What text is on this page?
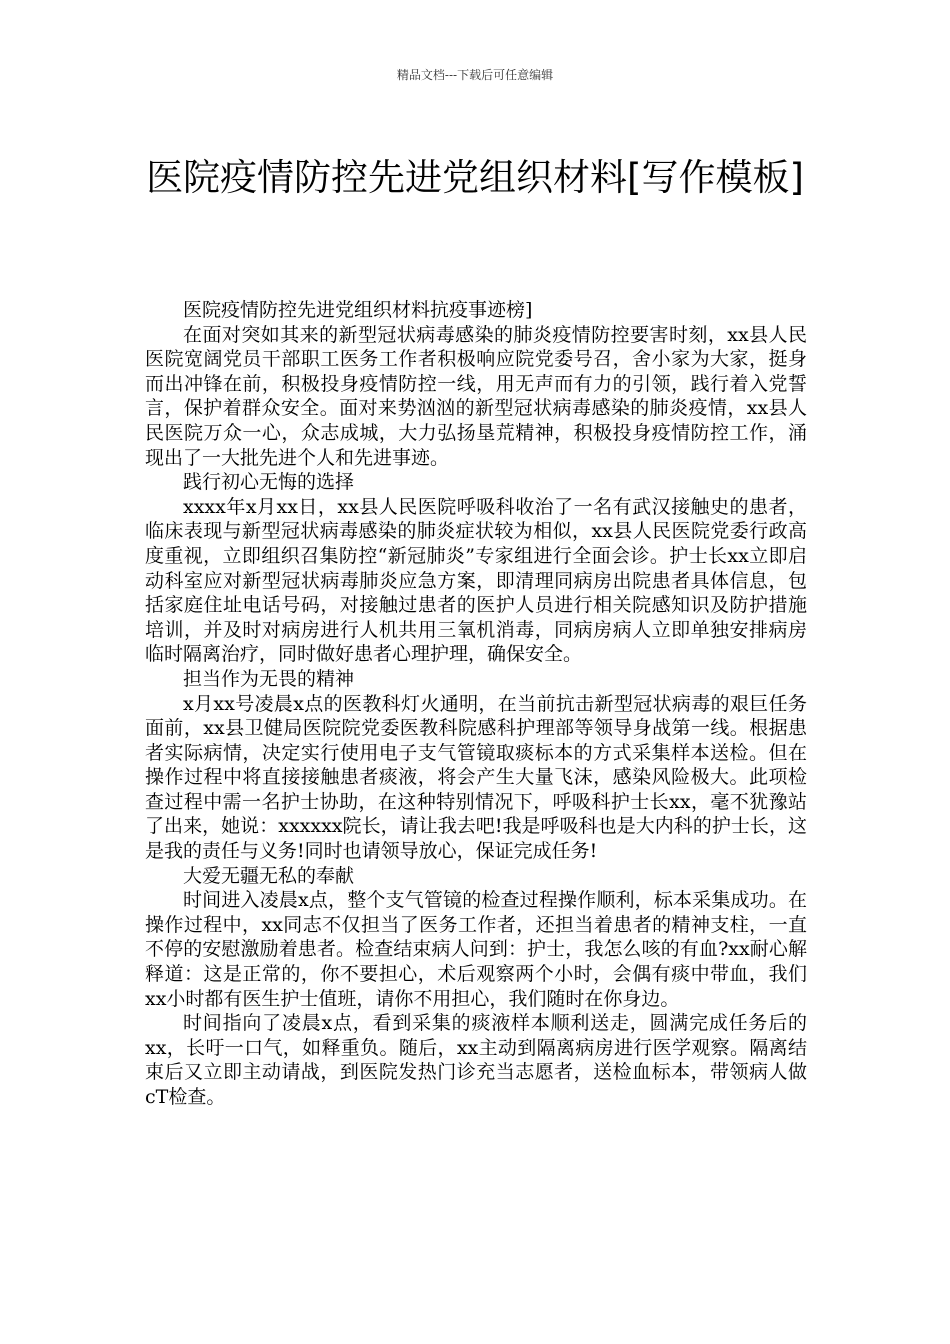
精品文档---下载后可任意编辑
医院疫情防控先进党组织材料[写作模板]

医院疫情防控先进党组织材料抗疫事迹榜]

在面对突如其来的新型冠状病毒感染的肺炎疫情防控要害时刻，xx县人民医院宽阔党员干部职工医务工作者积极响应院党委号召，舍小家为大家，挺身而出冲锋在前，积极投身疫情防控一线，用无声而有力的引领，践行着入党誓言，保护着群众安全。面对来势汹汹的新型冠状病毒感染的肺炎疫情，xx县人民医院万众一心，众志成城，大力弘扬垦荒精神，积极投身疫情防控工作，涌现出了一大批先进个人和先进事迹。

践行初心无悔的选择

xxxx年x月xx日，xx县人民医院呼吸科收治了一名有武汉接触史的患者，临床表现与新型冠状病毒感染的肺炎症状较为相似，xx县人民医院党委行政高度重视，立即组织召集防控“新冠肺炎”专家组进行全面会诊。护士长xx立即启动科室应对新型冠状病毒肺炎应急方案，即清理同病房出院患者具体信息，包括家庭住址电话号码，对接触过患者的医护人员进行相关院感知识及防护措施培训，并及时对病房进行人机共用三氧机消毒，同病房病人立即单独安排病房临时隔离治疗，同时做好患者心理护理，确保安全。

担当作为无畏的精神

x月xx号凌晨x点的医教科灯火通明，在当前抗击新型冠状病毒的艰巨任务面前，xx县卫健局医院院党委医教科院感科护理部等领导身战第一线。根据患者实际病情，决定实行使用电子支气管镜取痰标本的方式采集样本送检。但在操作过程中将直接接触患者痰液，将会产生大量飞沫，感染风险极大。此项检查过程中需一名护士协助，在这种特别情况下，呼吸科护士长xx，毫不犹豫站了出来，她说：xxxxxx院长，请让我去吧!我是呼吸科也是大内科的护士长，这是我的责任与义务!同时也请领导放心，保证完成任务!

大爱无疆无私的奉献

时间进入凌晨x点，整个支气管镜的检查过程操作顺利，标本采集成功。在操作过程中，xx同志不仅担当了医务工作者，还担当着患者的精神支柱，一直不停的安慰激励着患者。检查结束病人问到：护士，我怎么咳的有血?xx耐心解释道：这是正常的，你不要担心，术后观察两个小时，会偶有痰中带血，我们xx小时都有医生护士值班，请你不用担心，我们随时在你身边。

时间指向了凌晨x点，看到采集的痰液样本顺利送走，圆满完成任务后的xx，长吁一口气，如释重负。随后，xx主动到隔离病房进行医学观察。隔离结束后又立即主动请战，到医院发热门诊充当志愿者，送检血标本，带领病人做cT检查。
